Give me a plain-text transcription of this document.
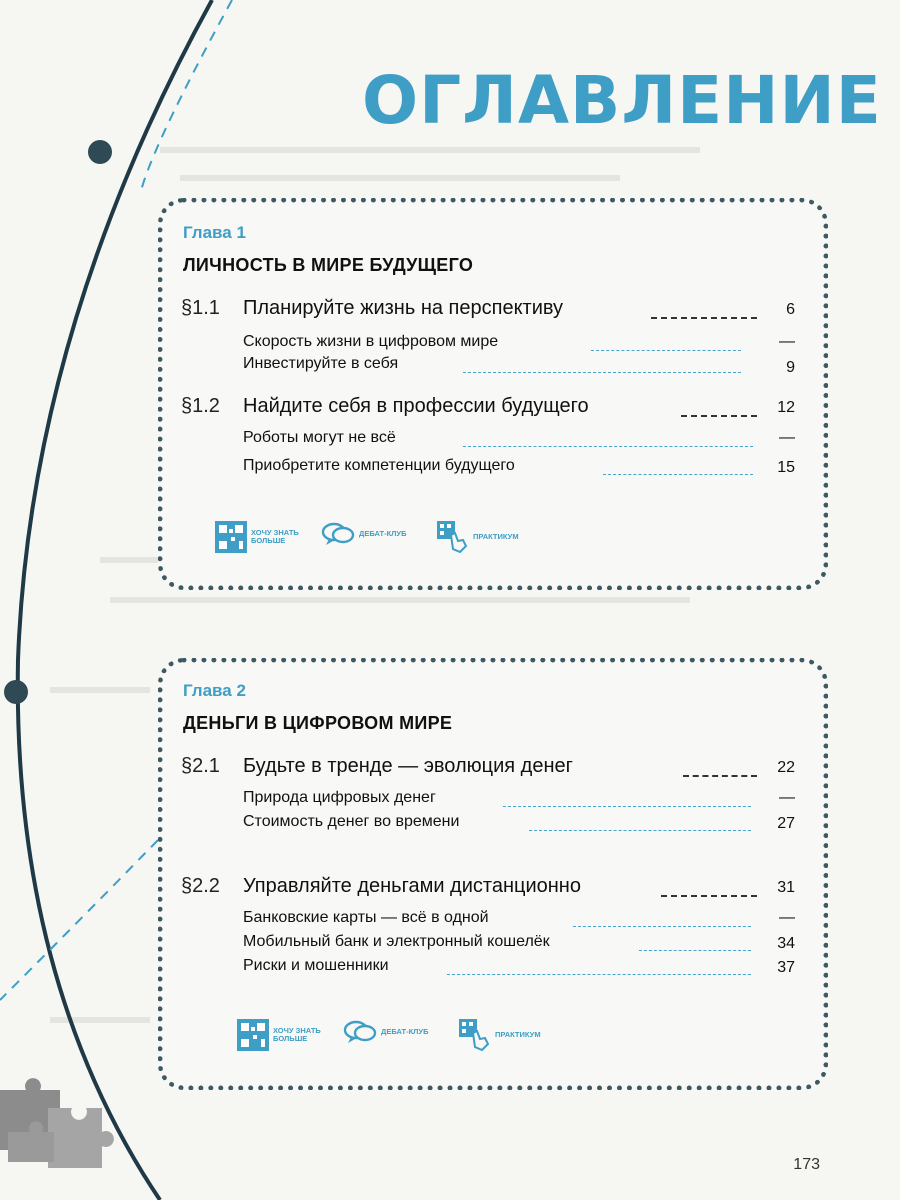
ОГЛАВЛЕНИЕ
Глава 1
ЛИЧНОСТЬ В МИРЕ БУДУЩЕГО
§1.1 Планируйте жизнь на перспективу	6
Скорость жизни в цифровом мире	—
Инвестируйте в себя	9
§1.2 Найдите себя в профессии будущего	12
Роботы могут не всё	—
Приобретите компетенции будущего	15
ХОЧУ ЗНАТЬ
БОЛЬШЕ
ДЕБАТ-КЛУБ	ПРАКТИКУМ
Глава 2
ДЕНЬГИ В ЦИФРОВОМ МИРЕ
§2.1 Будьте в тренде — эволюция денег	22
Природа цифровых денег	—
Стоимость денег во времени	27
§2.2 Управляйте деньгами дистанционно	31
Банковские карты — всё в одной	—
Мобильный банк и электронный кошелёк	34
Риски и мошенники	37
ХОЧУ ЗНАТЬ
БОЛЬШЕ
ДЕБАТ-КЛУБ	ПРАКТИКУМ
173
